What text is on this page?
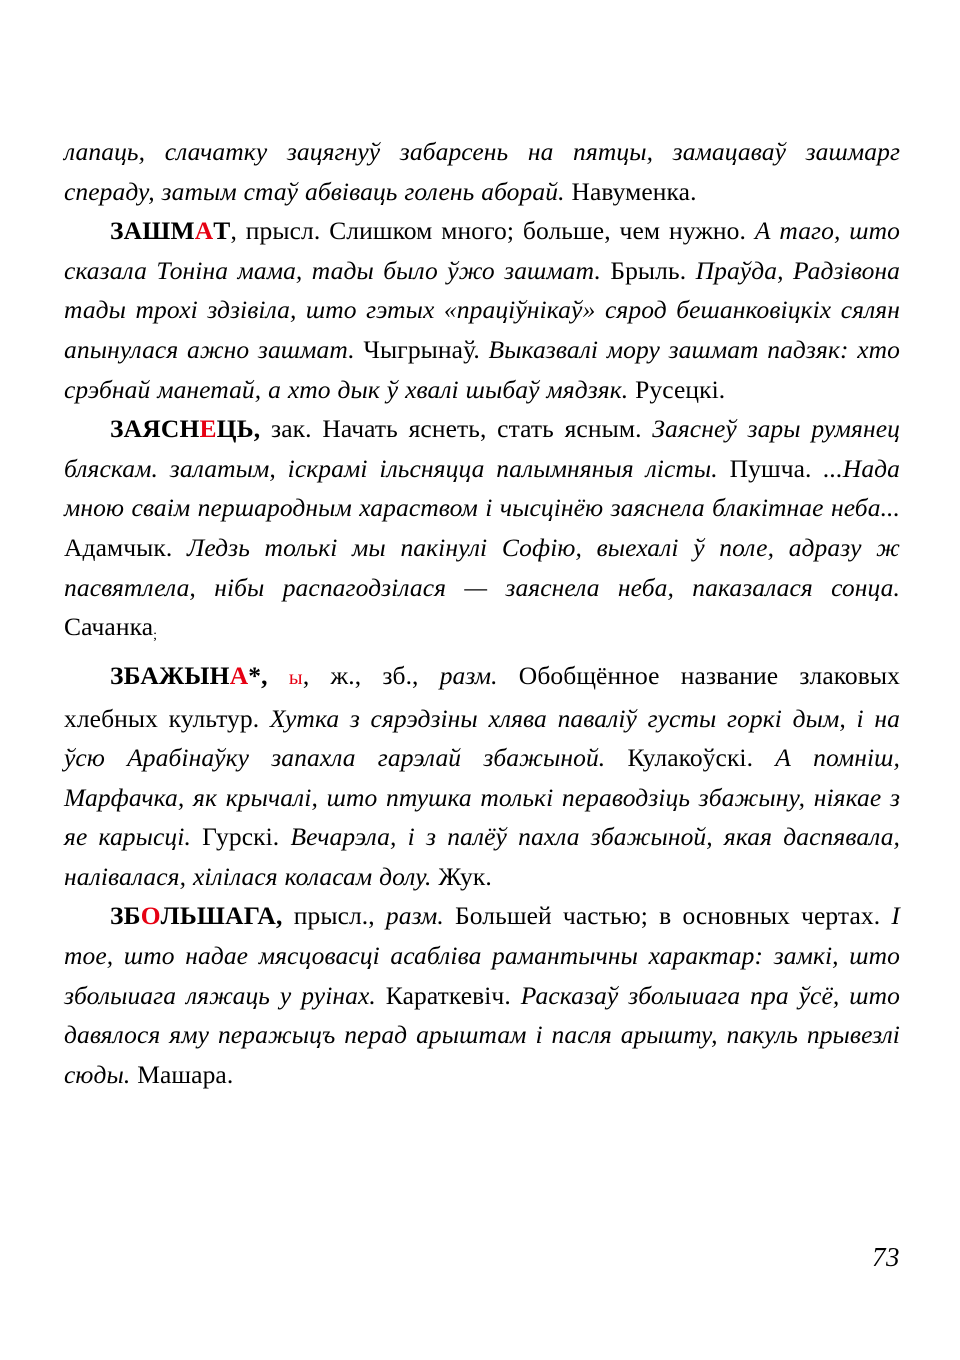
лапаць, слачатку зацягнуў забарсень на пятцы, замацаваў зашмарг спераду, затым стаў абвіваць голень аборай. Навуменка.

ЗАШМАТ, прысл. Слишком много; больше, чем нужно. А таго, што сказала Тоніна мама, тады было ўжо зашмат. Брыль. Праўда, Радзівона тады трохі здзівіла, што гэтых «праціўнікаў» сярод бешанковіцкіх сялян апынулася ажно зашмат. Чыгрынаў. Выказвалі мору зашмат падзяк: хто срэбнай манетай, а хто дык ў хвалі шыбаў мядзяк. Русецкі.

ЗАЯСНЕЦЬ, зак. Начать яснеть, стать ясным. Заяснеў зары румянец бляскам. залатым, іскрамі ільсняцца палымняныя лісты. Пушча. ...Нада мною сваім першародным хараством і чысцінёю заяснела блакітнае неба... Адамчык. Ледзь толькі мы пакінулі Софію, выехалі ў поле, адразу ж пасвятлела, нібы распагодзілася — заяснела неба, паказалася сонца. Сачанка;

ЗБАЖЫНА*, ы, ж., зб., разм. Обобщённое название злаковых хлебных культур. Хутка з сярэдзіны хлява паваліў густы горкі дым, і на ўсю Арабінаўку запахла гарэлай збажыной. Кулакоўскі. А помніш, Марфачка, як крычалі, што птушка толькі пераводзіць збажыну, ніякае з яе карысці. Гурскі. Вечарэла, і з палёў пахла збажыной, якая даспявала, налівалася, хілілася коласам долу. Жук.

ЗБОЛЬШАГА, прысл., разм. Большей частью; в основных чертах. І тое, што надае мясцовасці асабліва рамантычны характар: замкі, што зболыиага ляжаць у руінах. Караткевіч. Расказаў зболыиага пра ўсё, што давялося яму перажыцъ перад арыштам і пасля арышту, пакуль прывезлі сюды. Машара.

73
